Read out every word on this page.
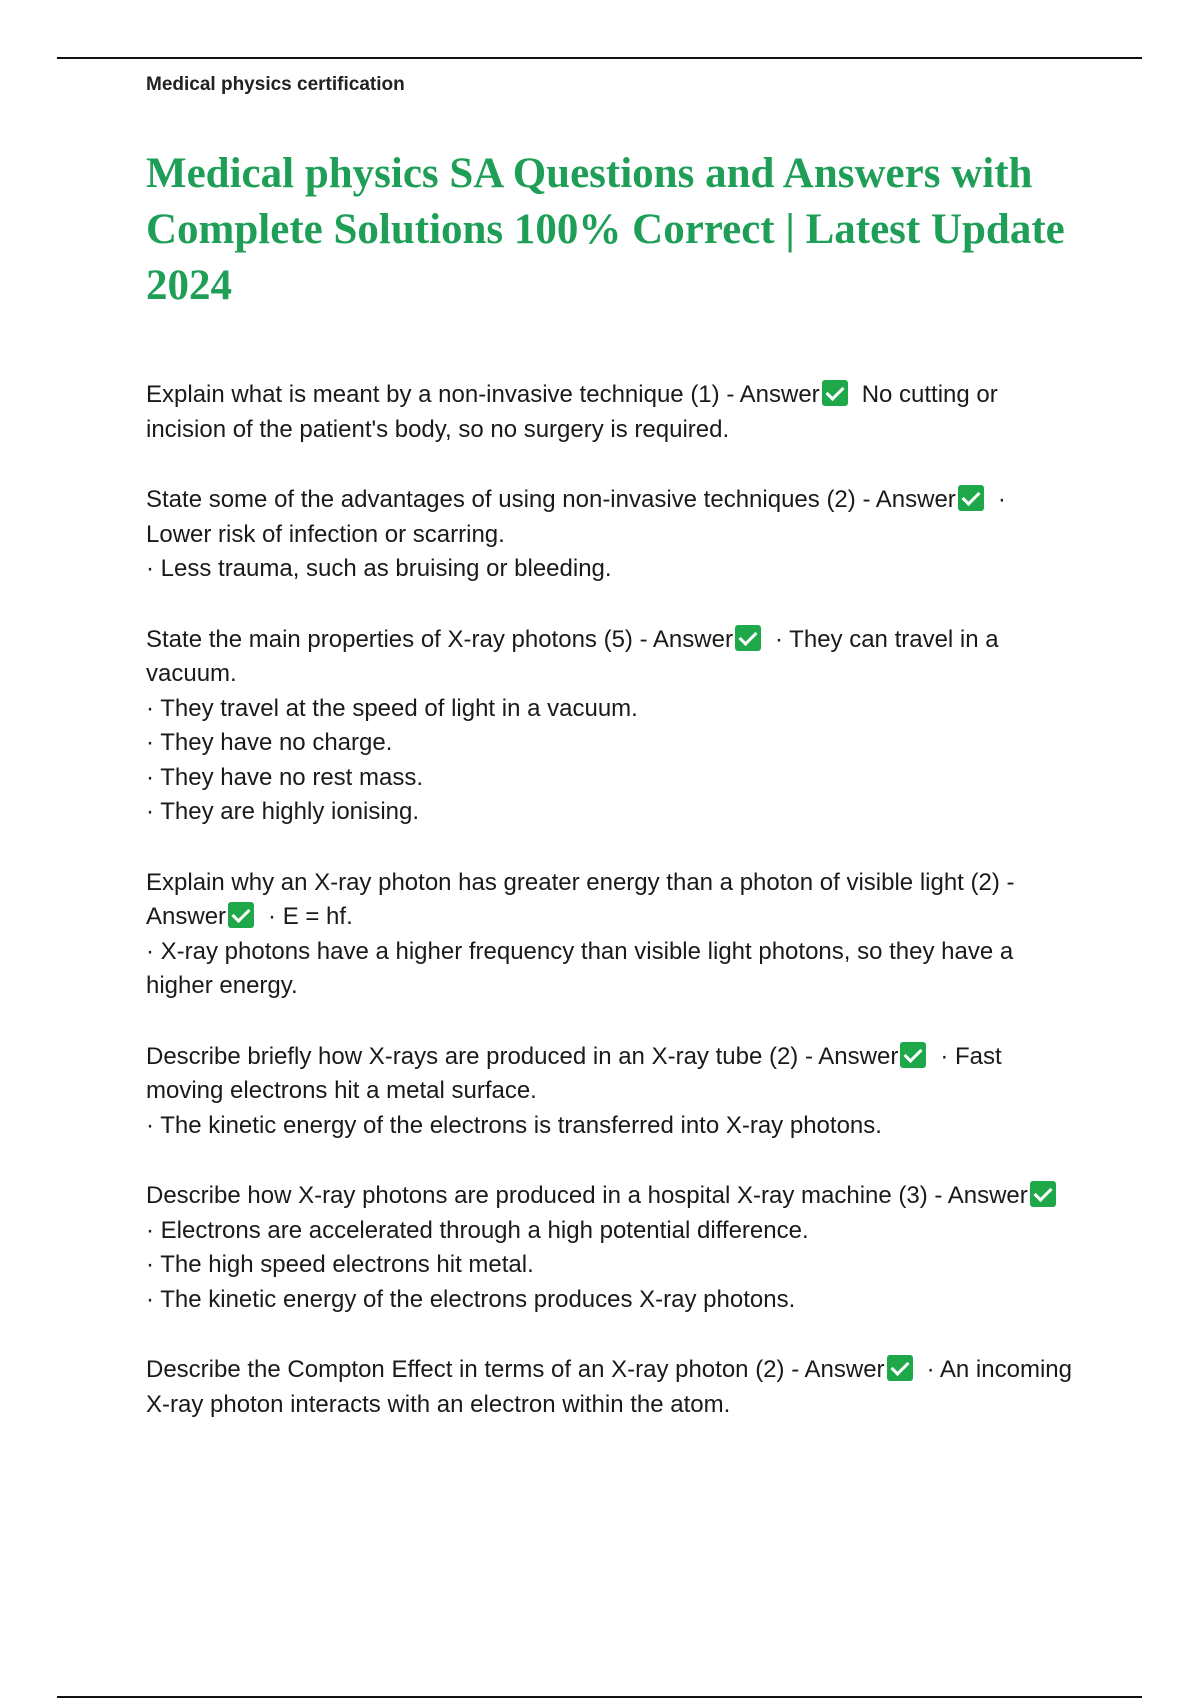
Medical physics certification
Medical physics SA Questions and Answers with Complete Solutions 100% Correct | Latest Update 2024
Explain what is meant by a non-invasive technique (1) - Answer No cutting or incision of the patient's body, so no surgery is required.
State some of the advantages of using non-invasive techniques (2) - Answer · Lower risk of infection or scarring.
· Less trauma, such as bruising or bleeding.
State the main properties of X-ray photons (5) - Answer · They can travel in a vacuum.
· They travel at the speed of light in a vacuum.
· They have no charge.
· They have no rest mass.
· They are highly ionising.
Explain why an X-ray photon has greater energy than a photon of visible light (2) - Answer · E = hf.
· X-ray photons have a higher frequency than visible light photons, so they have a higher energy.
Describe briefly how X-rays are produced in an X-ray tube (2) - Answer · Fast moving electrons hit a metal surface.
· The kinetic energy of the electrons is transferred into X-ray photons.
Describe how X-ray photons are produced in a hospital X-ray machine (3) - Answer· Electrons are accelerated through a high potential difference.
· The high speed electrons hit metal.
· The kinetic energy of the electrons produces X-ray photons.
Describe the Compton Effect in terms of an X-ray photon (2) - Answer · An incoming X-ray photon interacts with an electron within the atom.
